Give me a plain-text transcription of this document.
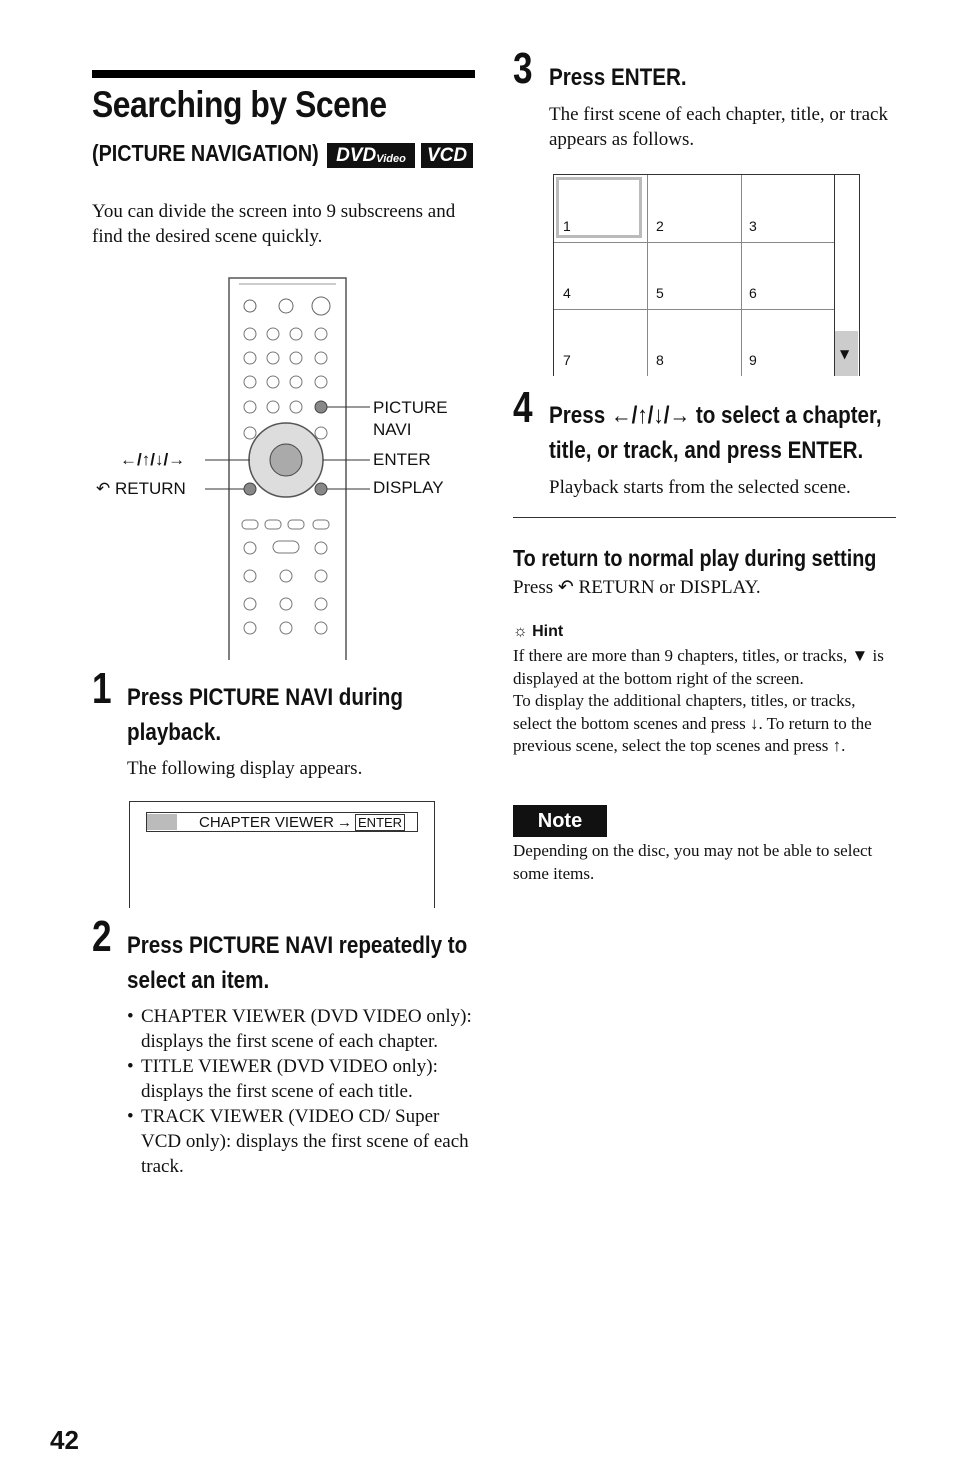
Searching by Scene
(PICTURE NAVIGATION) DVD Video	VCD
You can divide the screen into 9 subscreens and find the desired scene quickly.
PICTURE
NAVI
ENTER
DISPLAY
←/↑/↓/→
↶ RETURN
1 Press PICTURE NAVI during playback.
The following display appears.
CHAPTER VIEWER → ENTER
2 Press PICTURE NAVI repeatedly to select an item.
• CHAPTER VIEWER (DVD VIDEO only): displays the first scene of each chapter.
• TITLE VIEWER (DVD VIDEO only): displays the first scene of each title.
• TRACK VIEWER (VIDEO CD/ Super VCD only): displays the first scene of each track.
3 Press ENTER.
The first scene of each chapter, title, or track appears as follows.
▼
1	2	3
4	5	6
7	8	9
4 Press ←/↑/↓/→ to select a chapter, title, or track, and press ENTER.
Playback starts from the selected scene.
To return to normal play during setting
Press ↶ RETURN or DISPLAY.
☼ Hint
If there are more than 9 chapters, titles, or tracks, ▼ is displayed at the bottom right of the screen.
To display the additional chapters, titles, or tracks, select the bottom scenes and press ↓. To return to the previous scene, select the top scenes and press ↑.
Note
Depending on the disc, you may not be able to select some items.
42
